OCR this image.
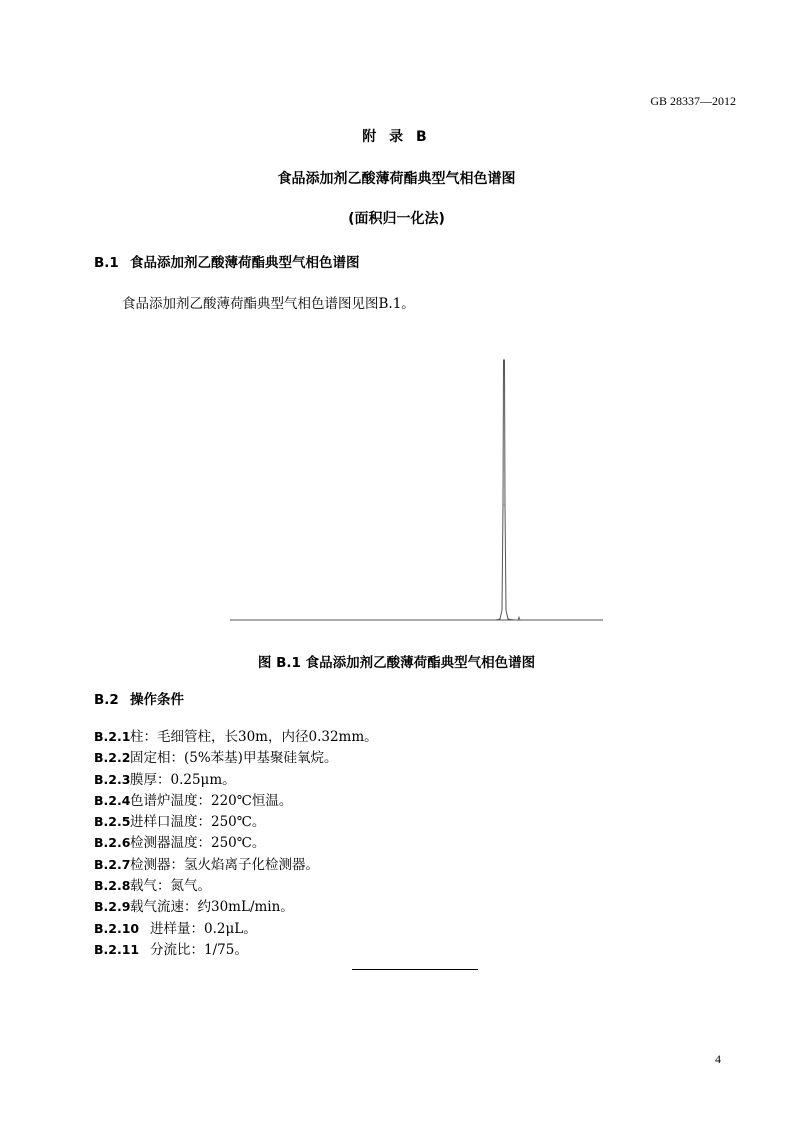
GB 28337—2012
附 录 B
食品添加剂乙酸薄荷酯典型气相色谱图
(面积归一化法)
B.1 食品添加剂乙酸薄荷酯典型气相色谱图
食品添加剂乙酸薄荷酯典型气相色谱图见图B.1。
图 B.1 食品添加剂乙酸薄荷酯典型气相色谱图
B.2 操作条件
B.2.1柱：毛细管柱，长30m，内径0.32mm。
B.2.2固定相：(5%苯基)甲基聚硅氧烷。
B.2.3膜厚：0.25μm。
B.2.4色谱炉温度：220℃恒温。
B.2.5进样口温度：250℃。
B.2.6检测器温度：250℃。
B.2.7检测器：氢火焰离子化检测器。
B.2.8载气：氮气。
B.2.9载气流速：约30mL/min。
B.2.10 进样量：0.2μL。
B.2.11 分流比：1/75。
4
